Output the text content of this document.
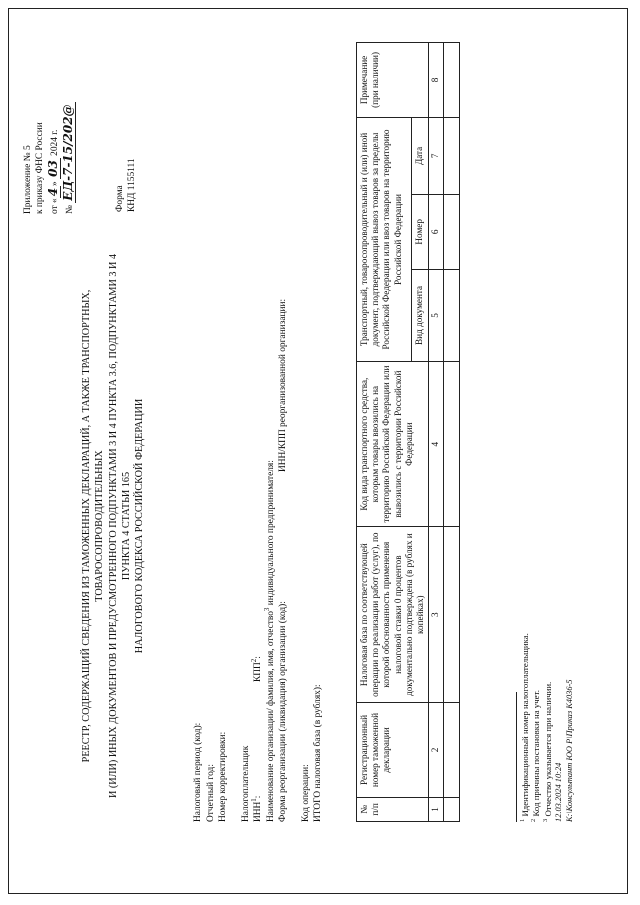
Приложение № 5 к приказу ФНС России от «4» 03 2024 г.
№ ЕД-7-15/202@	Форма КНД 1155111
РЕЕСТР, СОДЕРЖАЩИЙ СВЕДЕНИЯ ИЗ ТАМОЖЕННЫХ ДЕКЛАРАЦИЙ, А ТАКЖЕ ТРАНСПОРТНЫХ, ТОВАРОСОПРОВОДИТЕЛЬНЫХ И (ИЛИ) ИНЫХ ДОКУМЕНТОВ И ПРЕДУСМОТРЕННОГО ПОДПУНКТАМИ 3 И 4 ПУНКТА 3.6, ПОДПУНКТАМИ 3 И 4 ПУНКТА 4 СТАТЬИ 165 НАЛОГОВОГО КОДЕКСА РОССИЙСКОЙ ФЕДЕРАЦИИ
Налоговый период (код): Отчетный год: Номер корректировки: Налогоплательщик ИНН$^1$:
КПП$^2$: Наименование организации/ фамилия, имя, отчество$^3$ индивидуального предпринимателя:
Форма реорганизации (ликвидация) организации (код):
ИНН/КПП реорганизованной организации:
Код операции: ИТОГО налоговая база (в рублях):	№ п/п	Регистрационный номер таможенной декларации	Налоговая база по соответствующей операции по реализации работ (услуг), по которой обоснованность применения налоговой ставки 0 процентов документально подтверждена (в рублях и копейках)	Код вида транспортного средства, которым товары ввозились на территорию Российской Федерации или вывозились с территории Российской Федерации	Транспортный, товаросопроводительный и (или) иной документ, подтверждающий вывоз товаров за пределы Российской Федерации или ввоз товаров на территорию Российской Федерации			Примечание (при наличии)
				Вид документа	Номер	Дата	
1	2	3	4	5	6	7	8

$^1$ Идентификационный номер налогоплательщика.
$^2$ Код причины постановки на учет.
$^3$ Отчество указывается при наличии. 12.03.2024 10:24 К:\Консультант ЮО Р\Приказ К4036-5
